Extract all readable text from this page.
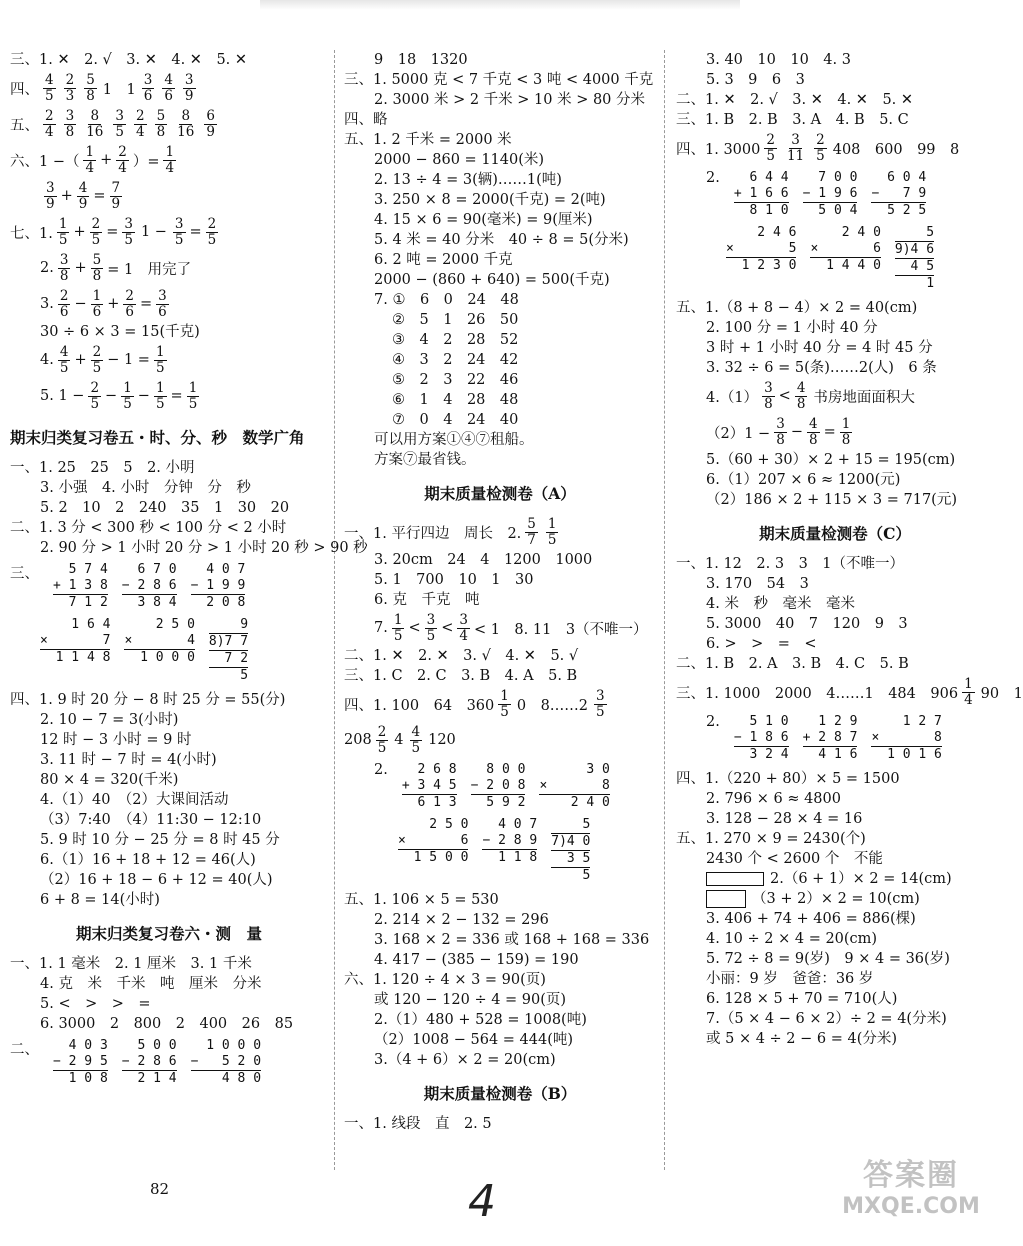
三、1. ✕　2. √　3. ✕　4. ✕　5. ✕
四、 $\frac{4}{5} \frac{2}{3} \frac{5}{8} 1$　$1 \frac{3}{6} \frac{4}{6} \frac{3}{9}$
五、 $\frac{2}{4} \frac{3}{8} \frac{8}{16} \frac{3}{5} \frac{2}{4} \frac{5}{8} \frac{8}{16} \frac{6}{9}$
六、1 −（ $\frac{1}{4} + \frac{2}{4}$ ）= $\frac{1}{4}$
$\frac{3}{9} + \frac{4}{9} = \frac{7}{9}$
七、1. $\frac{1}{5} + \frac{2}{5} = \frac{3}{5} 1 - \frac{3}{5} = \frac{2}{5}$
2. $\frac{3}{8} + \frac{5}{8} = 1$　用完了
3. $\frac{2}{6} - \frac{1}{6} + \frac{2}{6} = \frac{3}{6}$
30 ÷ 6 × 3 = 15(千克)
4. $\frac{4}{5} + \frac{2}{5} - 1 = \frac{1}{5}$
5. $1 - \frac{2}{5} - \frac{1}{5} - \frac{1}{5} = \frac{1}{5}$
期末归类复习卷五・时、分、秒　数学广角
一、1. 25　25　5　2. 小明
3. 小强　4. 小时　分钟　分　秒
5. 2　10　2　240　35　1　30　20
二、1. 3 分 < 300 秒 < 100 分 < 2 小时
2. 90 分 > 1 小时 20 分 > 1 小时 20 秒 > 90 秒
三、 5 7 4
+ 1 3 8
7 1 2
6 7 0
− 2 8 6
3 8 4
4 0 7
− 1 9 9
2 0 8
1 6 4
×       7
1 1 4 8
2 5 0
×       4
1 0 0 0
9
8)7 7
7 2
5
四、1. 9 时 20 分 − 8 时 25 分 = 55(分)
2. 10 − 7 = 3(小时)
12 时 − 3 小时 = 9 时
3. 11 时 − 7 时 = 4(小时)
80 × 4 = 320(千米)
4.（1）40　（2）大课间活动
（3）7:40　（4）11:30 − 12:10
5. 9 时 10 分 − 25 分 = 8 时 45 分
6.（1）16 + 18 + 12 = 46(人)
（2）16 + 18 − 6 + 12 = 40(人)
6 + 8 = 14(小时)
期末归类复习卷六・测　量
一、1. 1 毫米　2. 1 厘米　3. 1 千米
4. 克　米　千米　吨　厘米　分米
5. <　>　>　=
6. 3000　2　800　2　400　26　85
二、 4 0 3
− 2 9 5
1 0 8
5 0 0
− 2 8 6
2 1 4
1 0 0 0
−   5 2 0
4 8 0
9　18　1320
三、1. 5000 克 < 7 千克 < 3 吨 < 4000 千克
2. 3000 米 > 2 千米 > 10 米 > 80 分米
四、略
五、1. 2 千米 = 2000 米
2000 − 860 = 1140(米)
2. 13 ÷ 4 = 3(辆)……1(吨)
3. 250 × 8 = 2000(千克) = 2(吨)
4. 15 × 6 = 90(毫米) = 9(厘米)
5. 4 米 = 40 分米　40 ÷ 8 = 5(分米)
6. 2 吨 = 2000 千克
2000 − (860 + 640) = 500(千克)
7. ①　6　0　24　48
②　5　1　26　50
③　4　2　28　52
④　3　2　24　42
⑤　2　3　22　46
⑥　1　4　28　48
⑦　0　4　24　40
可以用方案①④⑦租船。
方案⑦最省钱。
期末质量检测卷（A）
一、1. 平行四边　周长　2. $\frac{5}{7} \frac{1}{5}$
3. 20cm　24　4　1200　1000
5. 1　700　10　1　30
6. 克　千克　吨
7. $\frac{1}{5} < \frac{3}{5} < \frac{3}{4} < 1$　8. 11　3（不唯一）
二、1. ✕　2. ✕　3. √　4. ✕　5. √
三、1. C　2. C　3. B　4. A　5. B
四、1. 100　64　$360 \frac{1}{5} 0$　8……2 $\frac{3}{5}$
$208 \frac{2}{5} 4 \frac{4}{5} 120$
2. 2 6 8
+ 3 4 5
6 1 3
8 0 0
− 2 0 8
5 9 2
3 0
×       8
2 4 0
2 5 0
×       6
1 5 0 0
4 0 7
− 2 8 9
1 1 8
5
7)4 0
3 5
5
五、1. 106 × 5 = 530
2. 214 × 2 − 132 = 296
3. 168 × 2 = 336 或 168 + 168 = 336
4. 417 − (385 − 159) = 190
六、1. 120 ÷ 4 × 3 = 90(页)
或 120 − 120 ÷ 4 = 90(页)
2.（1）480 + 528 = 1008(吨)
（2）1008 − 564 = 444(吨)
3.（4 + 6）× 2 = 20(cm)
期末质量检测卷（B）
一、1. 线段　直　2. 5
3. 40　10　10　4. 3
5. 3　9　6　3
二、1. ✕　2. √　3. ✕　4. ✕　5. ✕
三、1. B　2. B　3. A　4. B　5. C
四、1. $3000 \frac{2}{5} \frac{3}{11} \frac{2}{5} 408$　600　99　8
2. 6 4 4
+ 1 6 6
8 1 0
7 0 0
− 1 9 6
5 0 4
6 0 4
−   7 9
5 2 5
2 4 6
×       5
1 2 3 0
2 4 0
×       6
1 4 4 0
5
9)4 6
4 5
1
五、1.（8 + 8 − 4）× 2 = 40(cm)
2. 100 分 = 1 小时 40 分
3 时 + 1 小时 40 分 = 4 时 45 分
3. 32 ÷ 6 = 5(条)……2(人)　6 条
$4.(1) \frac{3}{8} < \frac{4}{8}$ 书房地面面积大
$(2)1 - \frac{3}{8} - \frac{4}{8} = \frac{1}{8}$
5.（60 + 30）× 2 + 15 = 195(cm)
6.（1）207 × 6 ≈ 1200(元)
（2）186 × 2 + 115 × 3 = 717(元)
期末质量检测卷（C）
一、1. 12　2. 3　3　1（不唯一）
3. 170　54　3
4. 米　秒　毫米　毫米
5. 3000　40　7　120　9　3
6. >　>　=　<
二、1. B　2. A　3. B　4. C　5. B
三、1. 1000　2000　4……1　484　$906 \frac{1}{4} 90$　1
2. 5 1 0
− 1 8 6
3 2 4
1 2 9
+ 2 8 7
4 1 6
1 2 7
×       8
1 0 1 6
四、1.（220 + 80）× 5 = 1500
2. 796 × 6 ≈ 4800
3. 128 − 28 × 4 = 16
五、1. 270 × 9 = 2430(个)
2430 个 < 2600 个　不能
2.（6 + 1）× 2 = 14(cm)
（3 + 2）× 2 = 10(cm)
3. 406 + 74 + 406 = 886(棵)
4. 10 ÷ 2 × 4 = 20(cm)
5. 72 ÷ 8 = 9(岁)　9 × 4 = 36(岁)
小丽：9 岁　爸爸：36 岁
6. 128 × 5 + 70 = 710(人)
7.（5 × 4 − 6 × 2）÷ 2 = 4(分米)
或 5 × 4 ÷ 2 − 6 = 4(分米)
82	4
答案圈
MXQE.COM
